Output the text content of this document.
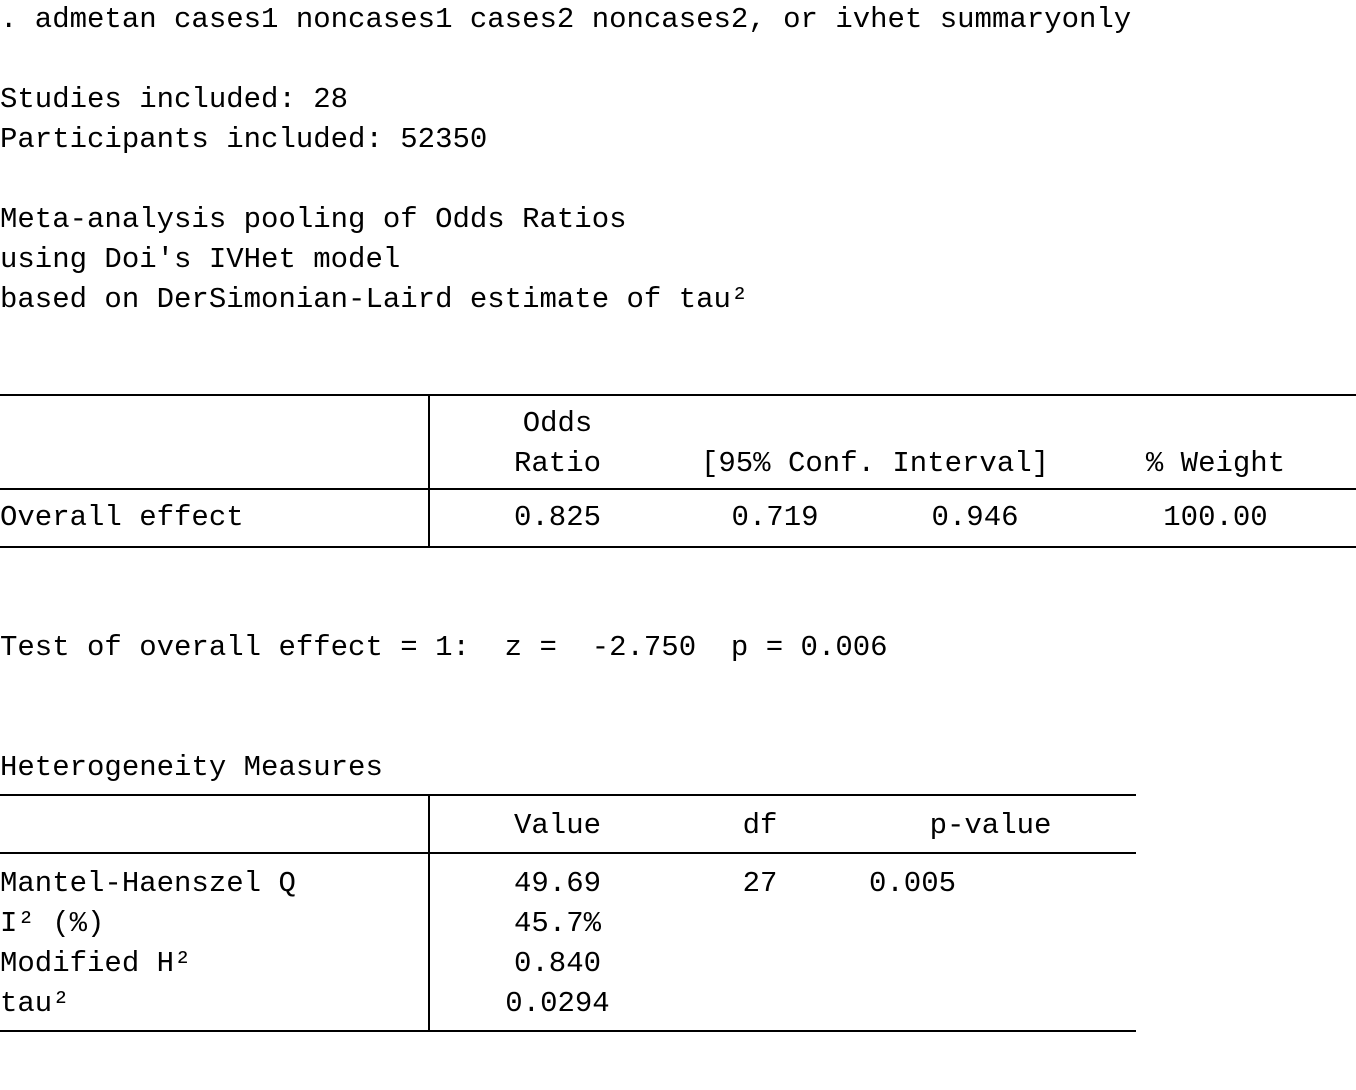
. admetan cases1 noncases1 cases2 noncases2, or ivhet summaryonly
Studies included: 28
Participants included: 52350
Meta-analysis pooling of Odds Ratios
using Doi's IVHet model
based on DerSimonian-Laird estimate of tau²
	Odds		
	Ratio	[95% Conf. Interval]	% Weight
Overall effect	0.825	0.719	0.946	100.00
Test of overall effect = 1:  z =  -2.750  p = 0.006
Heterogeneity Measures
	Value	df	p-value
Mantel-Haenszel Q	49.69	27	0.005
I² (%)	45.7%		
Modified H²	0.840		
tau²	0.0294		
